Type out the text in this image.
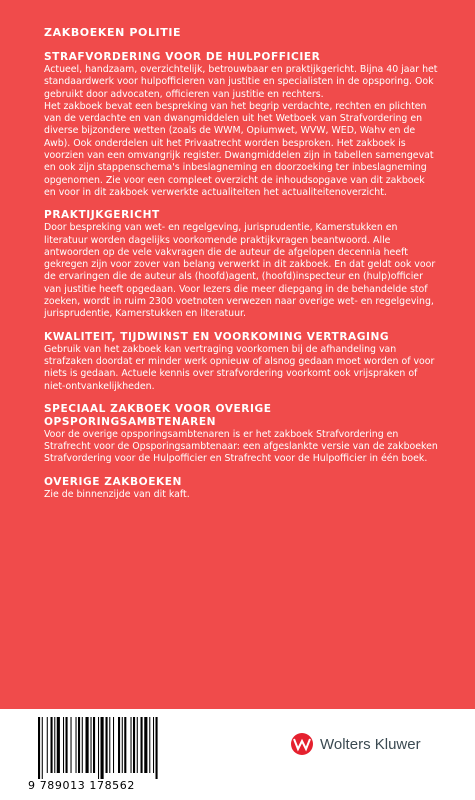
ZAKBOEKEN POLITIE
STRAFVORDERING VOOR DE HULPOFFICIER

Actueel, handzaam, overzichtelijk, betrouwbaar en praktijkgericht. Bijna 40 jaar het standaardwerk voor hulpofficieren van justitie en specialisten in de opsporing. Ook gebruikt door advocaten, officieren van justitie en rechters.

Het zakboek bevat een bespreking van het begrip verdachte, rechten en plichten van de verdachte en van dwangmiddelen uit het Wetboek van Strafvordering en diverse bijzondere wetten (zoals de WWM, Opiumwet, WVW, WED, Wahv en de Awb). Ook onderdelen uit het Privaatrecht worden besproken. Het zakboek is voorzien van een omvangrijk register. Dwangmiddelen zijn in tabellen samengevat en ook zijn stappenschema's inbeslagneming en doorzoeking ter inbeslagneming opgenomen. Zie voor een compleet overzicht de inhoudsopgave van dit zakboek en voor in dit zakboek verwerkte actualiteiten het actualiteitenoverzicht.

PRAKTIJKGERICHT

Door bespreking van wet- en regelgeving, jurisprudentie, Kamerstukken en literatuur worden dagelijks voorkomende praktijkvragen beantwoord. Alle antwoorden op de vele vakvragen die de auteur de afgelopen decennia heeft gekregen zijn voor zover van belang verwerkt in dit zakboek. En dat geldt ook voor de ervaringen die de auteur als (hoofd)agent, (hoofd)inspecteur en (hulp)officier van justitie heeft opgedaan. Voor lezers die meer diepgang in de behandelde stof zoeken, wordt in ruim 2300 voetnoten verwezen naar overige wet- en regelgeving, jurisprudentie, Kamerstukken en literatuur.

KWALITEIT, TIJDWINST EN VOORKOMING VERTRAGING

Gebruik van het zakboek kan vertraging voorkomen bij de afhandeling van strafzaken doordat er minder werk opnieuw of alsnog gedaan moet worden of voor niets is gedaan. Actuele kennis over strafvordering voorkomt ook vrijspraken of niet-ontvankelijkheden.

SPECIAAL ZAKBOEK VOOR OVERIGE OPSPORINGSAMBTENAREN

Voor de overige opsporingsambtenaren is er het zakboek Strafvordering en Strafrecht voor de Opsporingsambtenaar: een afgeslankte versie van de zakboeken Strafvordering voor de Hulpofficier en Strafrecht voor de Hulpofficier in één boek.

OVERIGE ZAKBOEKEN

Zie de binnenzijde van dit kaft.

9 789013 178562
Wolters Kluwer
